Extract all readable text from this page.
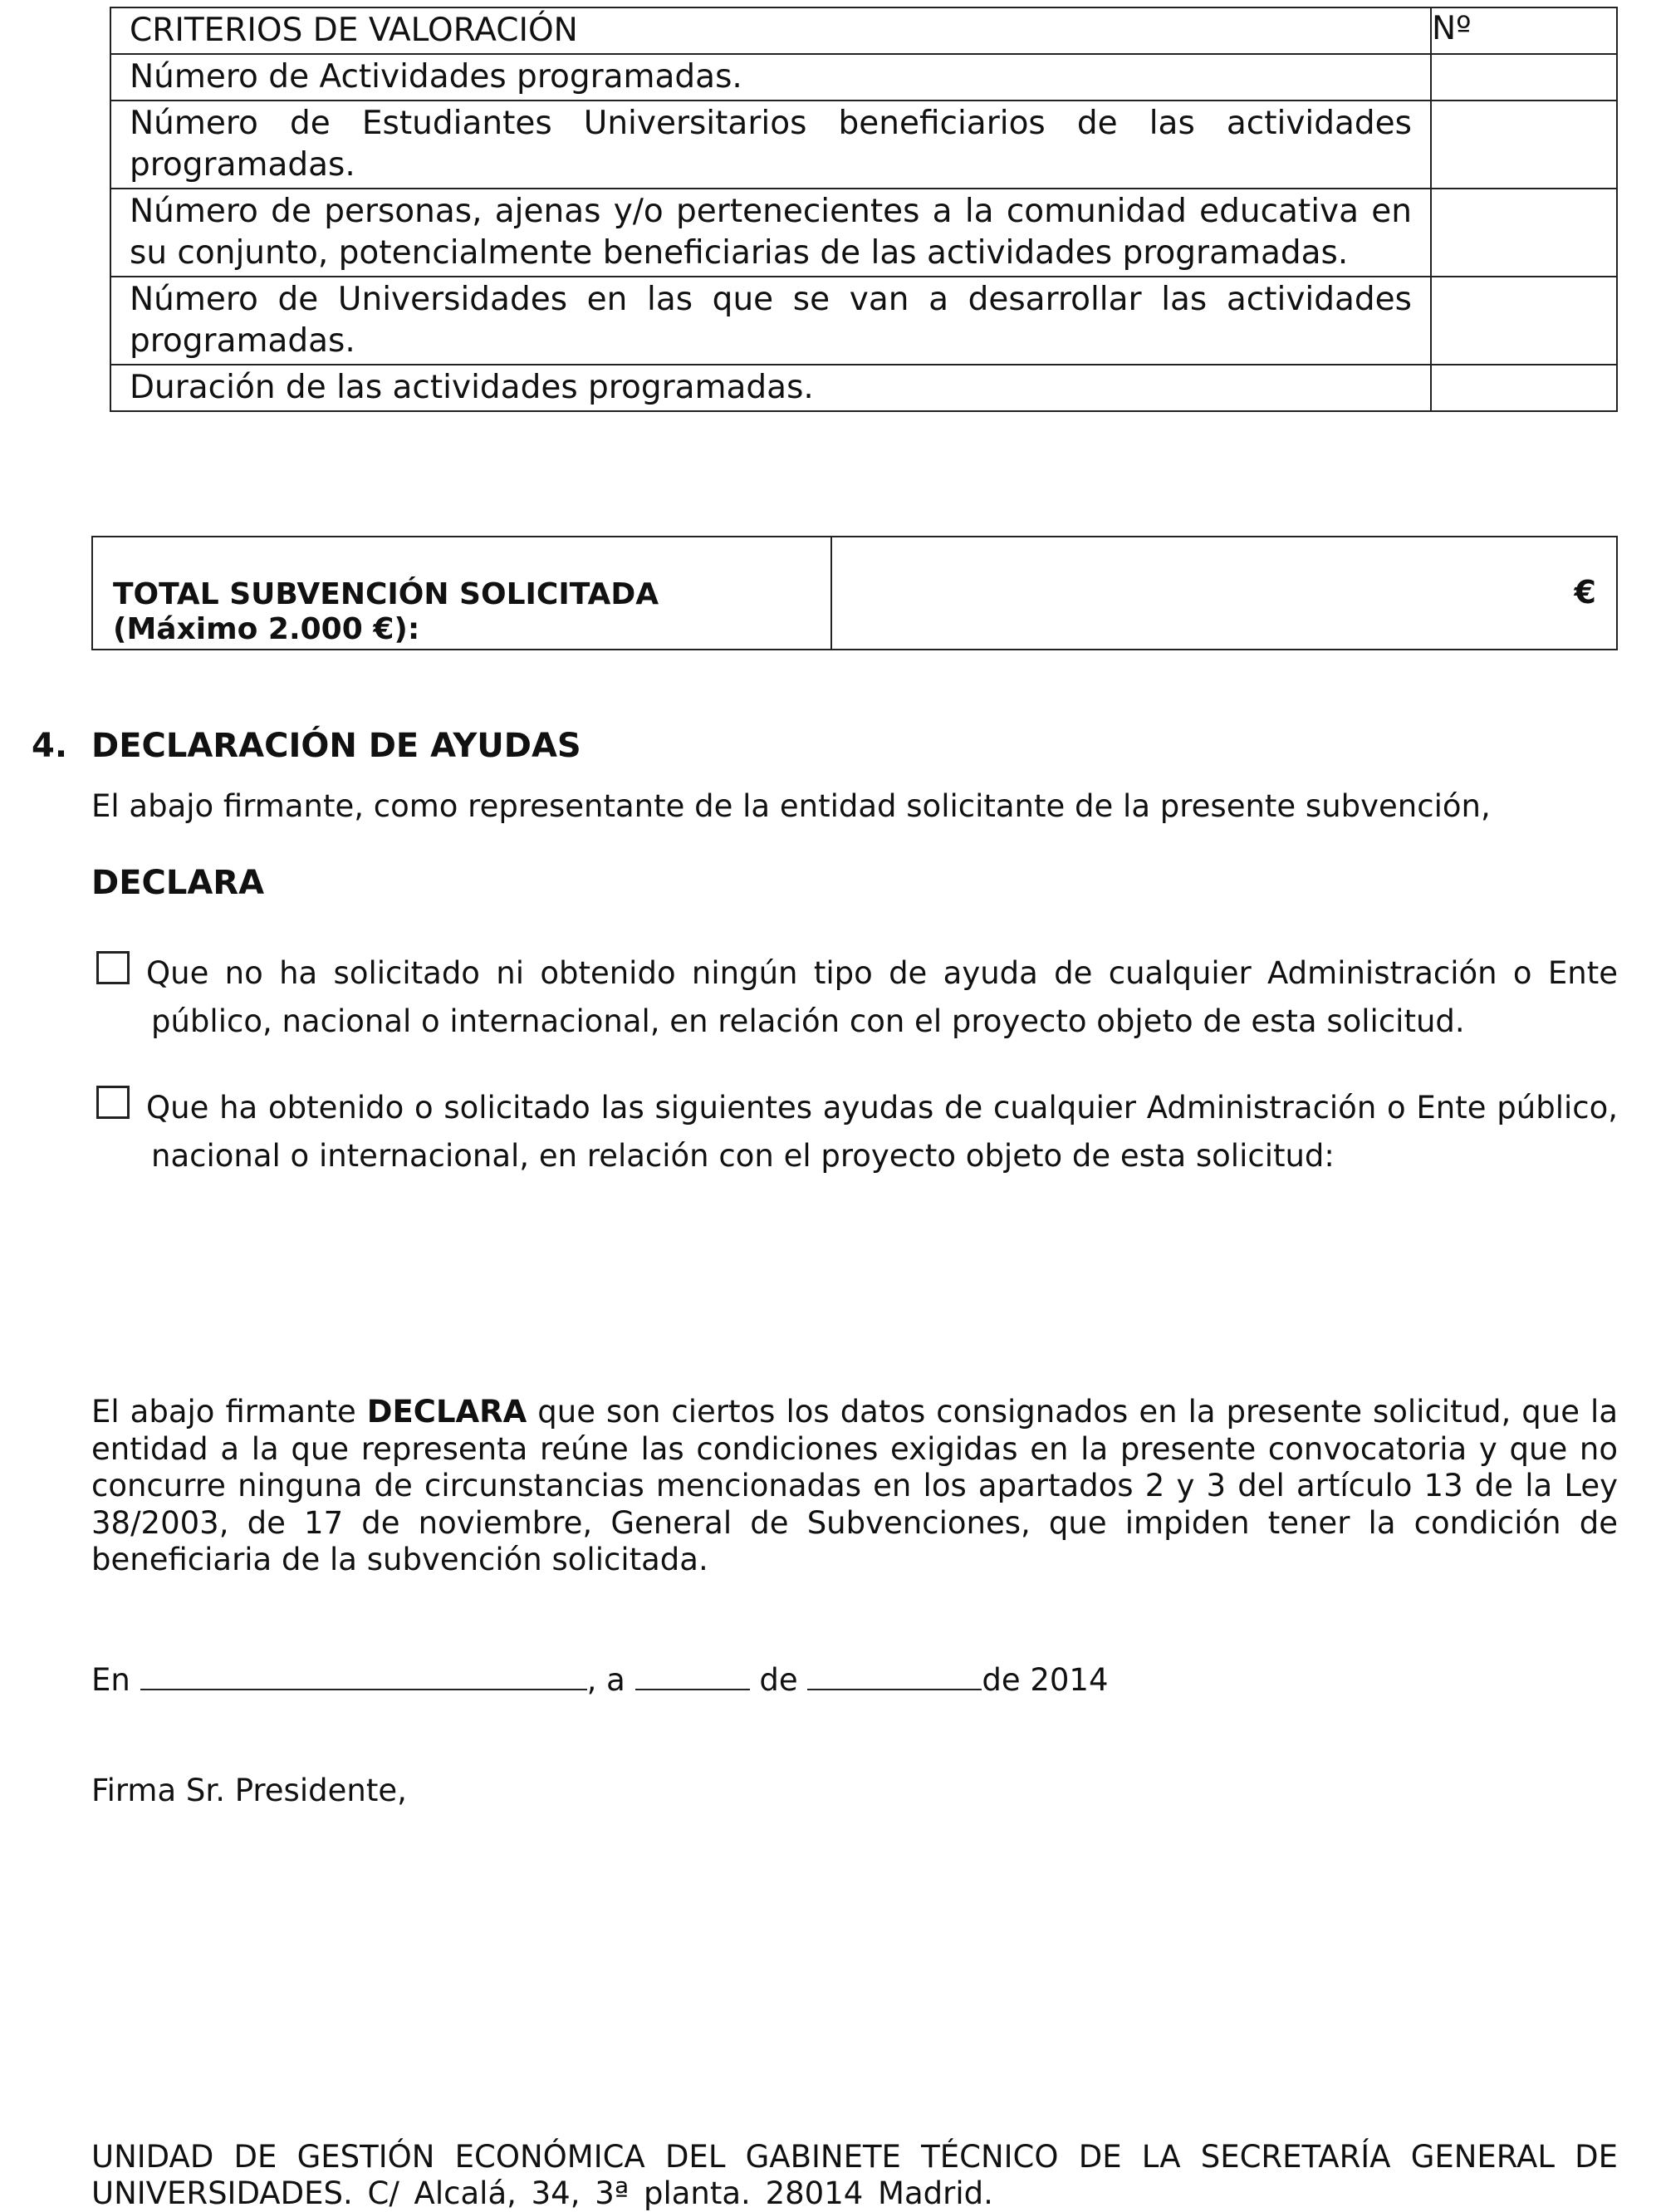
CRITERIOS DE VALORACIÓN	Nº
Número de Actividades programadas.	
Número de Estudiantes Universitarios beneficiarios de las actividades programadas.	
Número de personas, ajenas y/o pertenecientes a la comunidad educativa en su conjunto, potencialmente beneficiarias de las actividades programadas.	
Número de Universidades en las que se van a desarrollar las actividades programadas.	
Duración de las actividades programadas.	
TOTAL SUBVENCIÓN SOLICITADA
(Máximo 2.000 €):
	€
4. DECLARACIÓN DE AYUDAS
El abajo firmante, como representante de la entidad solicitante de la presente subvención,
DECLARA
Que no ha solicitado ni obtenido ningún tipo de ayuda de cualquier Administración o Ente público, nacional o internacional, en relación con el proyecto objeto de esta solicitud.
Que ha obtenido o solicitado las siguientes ayudas de cualquier Administración o Ente público, nacional o internacional, en relación con el proyecto objeto de esta solicitud:
El abajo firmante DECLARA que son ciertos los datos consignados en la presente solicitud, que la entidad a la que representa reúne las condiciones exigidas en la presente convocatoria y que no concurre ninguna de circunstancias mencionadas en los apartados 2 y 3 del artículo 13 de la Ley 38/2003, de 17 de noviembre, General de Subvenciones, que impiden tener la condición de beneficiaria de la subvención solicitada.
En	, a	de	de 2014
Firma Sr. Presidente,
UNIDAD DE GESTIÓN ECONÓMICA DEL GABINETE TÉCNICO DE LA SECRETARÍA GENERAL DE UNIVERSIDADES. C/ Alcalá, 34, 3ª planta. 28014 Madrid.
